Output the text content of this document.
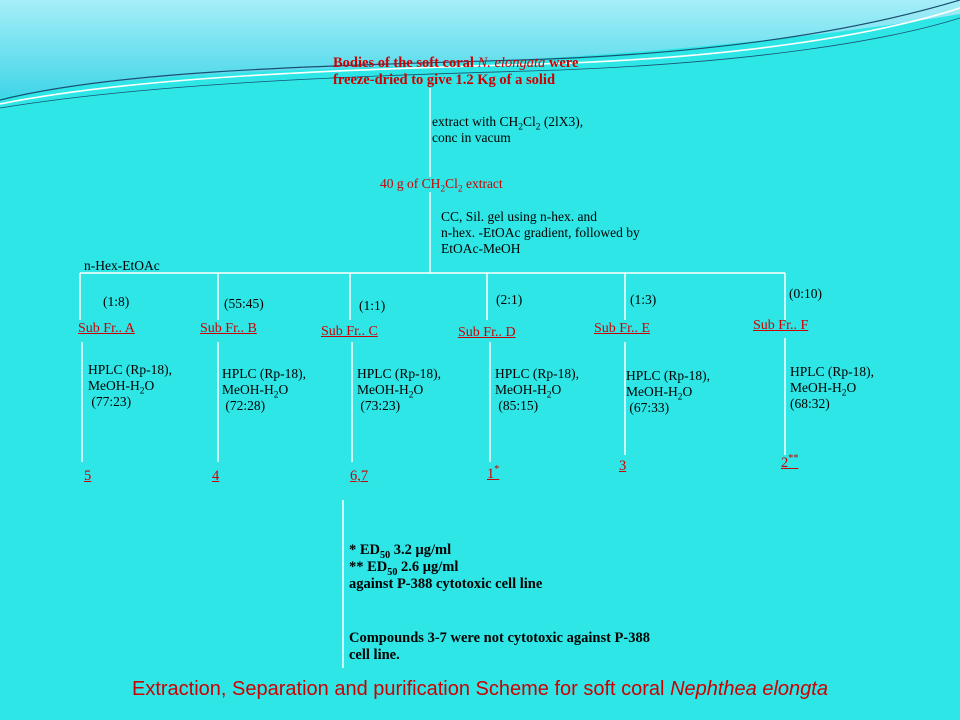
Bodies of the soft coral N. elongata were
freeze-dried to give 1.2 Kg of a solid
extract with $CH_2Cl_2$ (2lX3),
conc in vacum
40 g of $CH_2Cl_2$ extract
CC, Sil. gel using n-hex. and
n-hex. -EtOAc gradient, followed by
EtOAc-MeOH
n-Hex-EtOAc
(1:8)
Sub Fr.. A
HPLC (Rp-18),
MeOH-$H_2O$
(77:23)
5
(55:45)
Sub Fr.. B
HPLC (Rp-18),
MeOH-$H_2O$
(72:28)
4
(1:1)
Sub Fr.. C
HPLC (Rp-18),
MeOH-$H_2O$
(73:23)
6,7
(2:1)
Sub Fr.. D
HPLC (Rp-18),
MeOH-$H_2O$
(85:15)
1*
(1:3)
Sub Fr.. E
HPLC (Rp-18),
MeOH-$H_2O$
(67:33)
3
(0:10)
Sub Fr.. F
HPLC (Rp-18),
MeOH-$H_2O$
(68:32)
2**
* $ED_{50}$ 3.2 μg/ml
** $ED_{50}$ 2.6 μg/ml
against P-388 cytotoxic cell line
Compounds 3-7 were not cytotoxic against P-388
cell line.
Extraction, Separation and purification Scheme for soft coral Nephthea elongta
